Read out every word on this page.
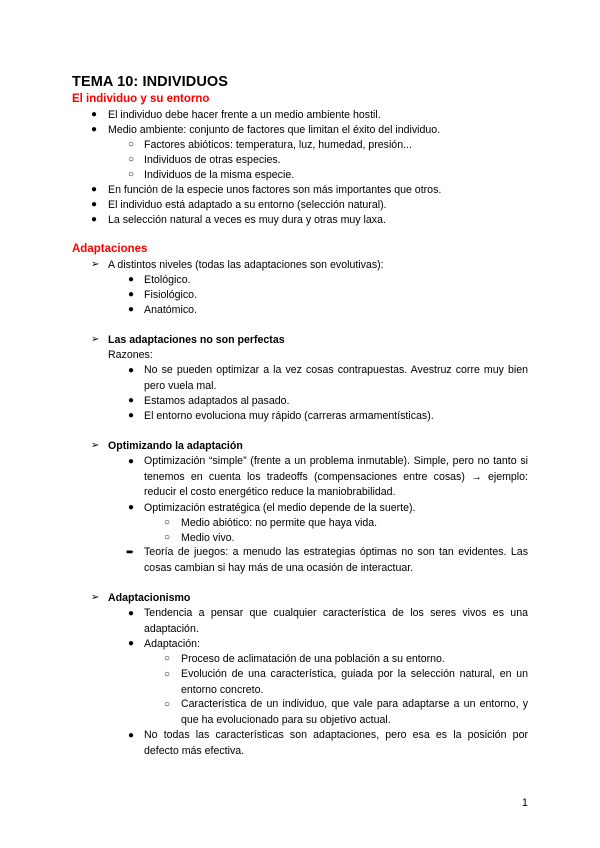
TEMA 10: INDIVIDUOS
El individuo y su entorno
● El individuo debe hacer frente a un medio ambiente hostil.
● Medio ambiente: conjunto de factores que limitan el éxito del individuo.
○ Factores abióticos: temperatura, luz, humedad, presión...
○ Individuos de otras especies.
○ Individuos de la misma especie.
● En función de la especie unos factores son más importantes que otros.
● El individuo está adaptado a su entorno (selección natural).
● La selección natural a veces es muy dura y otras muy laxa.
Adaptaciones
➢ A distintos niveles (todas las adaptaciones son evolutivas):
● Etológico.
● Fisiológico.
● Anatómico.
➢ Las adaptaciones no son perfectas
Razones:
● No se pueden optimizar a la vez cosas contrapuestas. Avestruz corre muy bien pero vuela mal.
● Estamos adaptados al pasado.
● El entorno evoluciona muy rápido (carreras armamentísticas).
➢ Optimizando la adaptación
● Optimización “simple” (frente a un problema inmutable). Simple, pero no tanto si tenemos en cuenta los tradeoffs (compensaciones entre cosas) → ejemplo: reducir el costo energético reduce la maniobrabilidad.
● Optimización estratégica (el medio depende de la suerte).
○ Medio abiótico: no permite que haya vida.
○ Medio vivo.
➨ Teoría de juegos: a menudo las estrategias óptimas no son tan evidentes. Las cosas cambian si hay más de una ocasión de interactuar.
➢ Adaptacionismo
● Tendencia a pensar que cualquier característica de los seres vivos es una adaptación.
● Adaptación:
○ Proceso de aclimatación de una población a su entorno.
○ Evolución de una característica, guiada por la selección natural, en un entorno concreto.
○ Característica de un individuo, que vale para adaptarse a un entorno, y que ha evolucionado para su objetivo actual.
● No todas las características son adaptaciones, pero esa es la posición por defecto más efectiva.
1
